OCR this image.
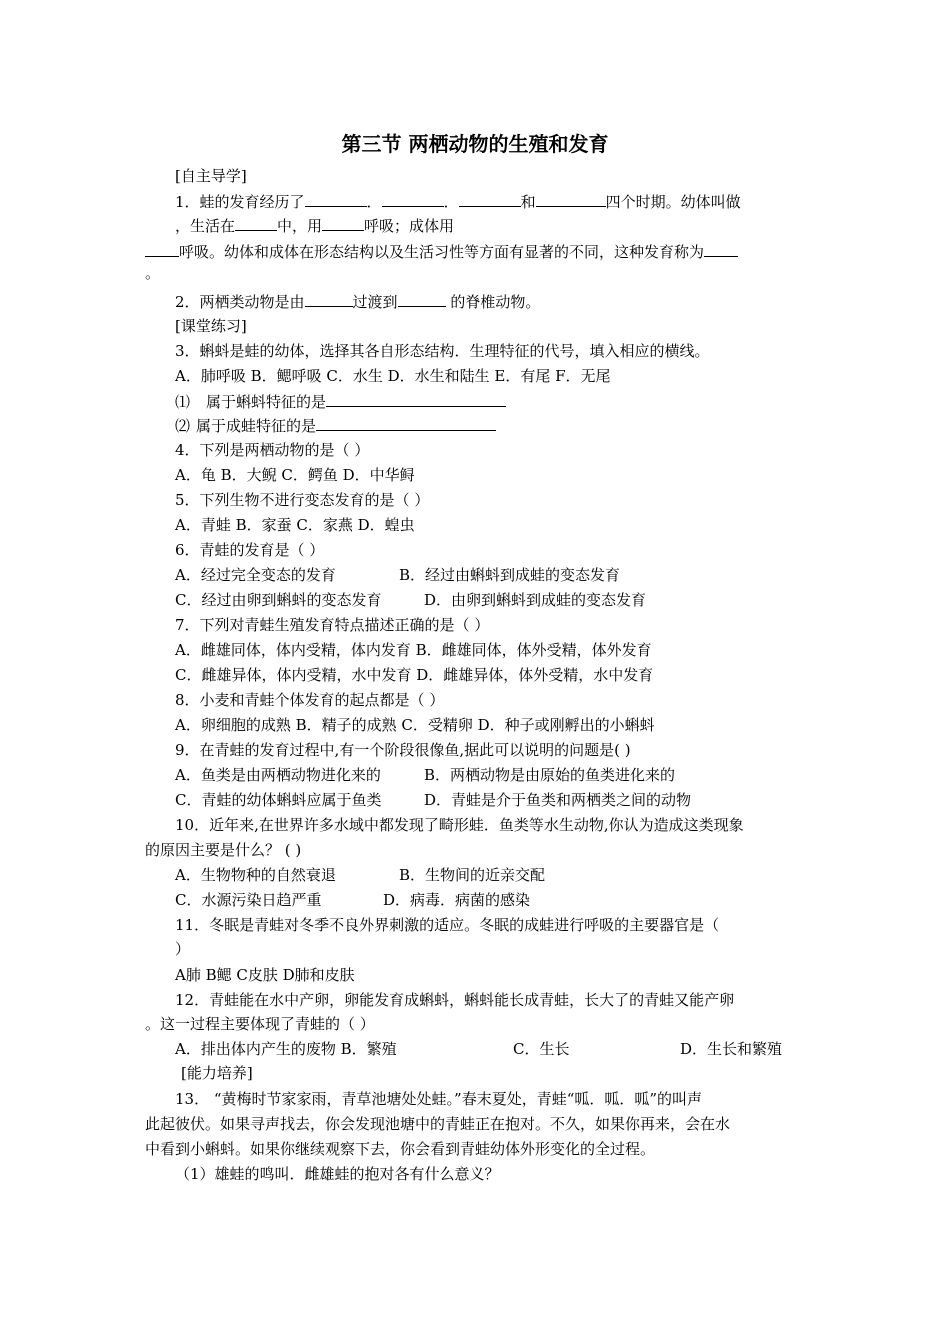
第三节 两栖动物的生殖和发育
[自主导学]
1．蛙的发育经历了	．	．	和	四个时期。幼体叫做
，生活在	中，用	呼吸；成体用
呼吸。幼体和成体在形态结构以及生活习性等方面有显著的不同，这种发育称为
。
2．两栖类动物是由	过渡到	的脊椎动物。
[课堂练习]
3．蝌蚪是蛙的幼体，选择其各自形态结构．生理特征的代号，填入相应的横线。
A．肺呼吸 B．鳃呼吸 C．水生 D．水生和陆生 E．有尾 F．无尾
⑴ 属于蝌蚪特征的是
⑵ 属于成蛙特征的是
4．下列是两栖动物的是（ ）
A．龟 B．大鲵 C．鳄鱼 D．中华鲟
5．下列生物不进行变态发育的是（ ）
A．青蛙 B．家蚕 C．家燕 D．蝗虫
6．青蛙的发育是（ ）
A．经过完全变态的发育	B．经过由蝌蚪到成蛙的变态发育
C．经过由卵到蝌蚪的变态发育	D．由卵到蝌蚪到成蛙的变态发育
7．下列对青蛙生殖发育特点描述正确的是（ ）
A．雌雄同体，体内受精，体内发育 B．雌雄同体，体外受精，体外发育
C．雌雄异体，体内受精，水中发育 D．雌雄异体，体外受精，水中发育
8．小麦和青蛙个体发育的起点都是（ ）
A．卵细胞的成熟 B．精子的成熟 C．受精卵 D．种子或刚孵出的小蝌蚪
9．在青蛙的发育过程中,有一个阶段很像鱼,据此可以说明的问题是( )
A．鱼类是由两栖动物进化来的	B．两栖动物是由原始的鱼类进化来的
C．青蛙的幼体蝌蚪应属于鱼类	D．青蛙是介于鱼类和两栖类之间的动物
10．近年来,在世界许多水域中都发现了畸形蛙．鱼类等水生动物,你认为造成这类现象
的原因主要是什么？ ( )
A．生物物种的自然衰退	B．生物间的近亲交配
C．水源污染日趋严重	D．病毒．病菌的感染
11．冬眠是青蛙对冬季不良外界刺激的适应。冬眠的成蛙进行呼吸的主要器官是（
）
A肺 B鳃 C皮肤 D肺和皮肤
12．青蛙能在水中产卵，卵能发育成蝌蚪，蝌蚪能长成青蛙，长大了的青蛙又能产卵
。这一过程主要体现了青蛙的（ ）
A．排出体内产生的废物 B．繁殖	C．生长	D．生长和繁殖
[能力培养]
13． “黄梅时节家家雨，青草池塘处处蛙。”春末夏处，青蛙“呱．呱．呱”的叫声
此起彼伏。如果寻声找去，你会发现池塘中的青蛙正在抱对。不久，如果你再来，会在水
中看到小蝌蚪。如果你继续观察下去，你会看到青蛙幼体外形变化的全过程。
（1）雄蛙的鸣叫．雌雄蛙的抱对各有什么意义？
